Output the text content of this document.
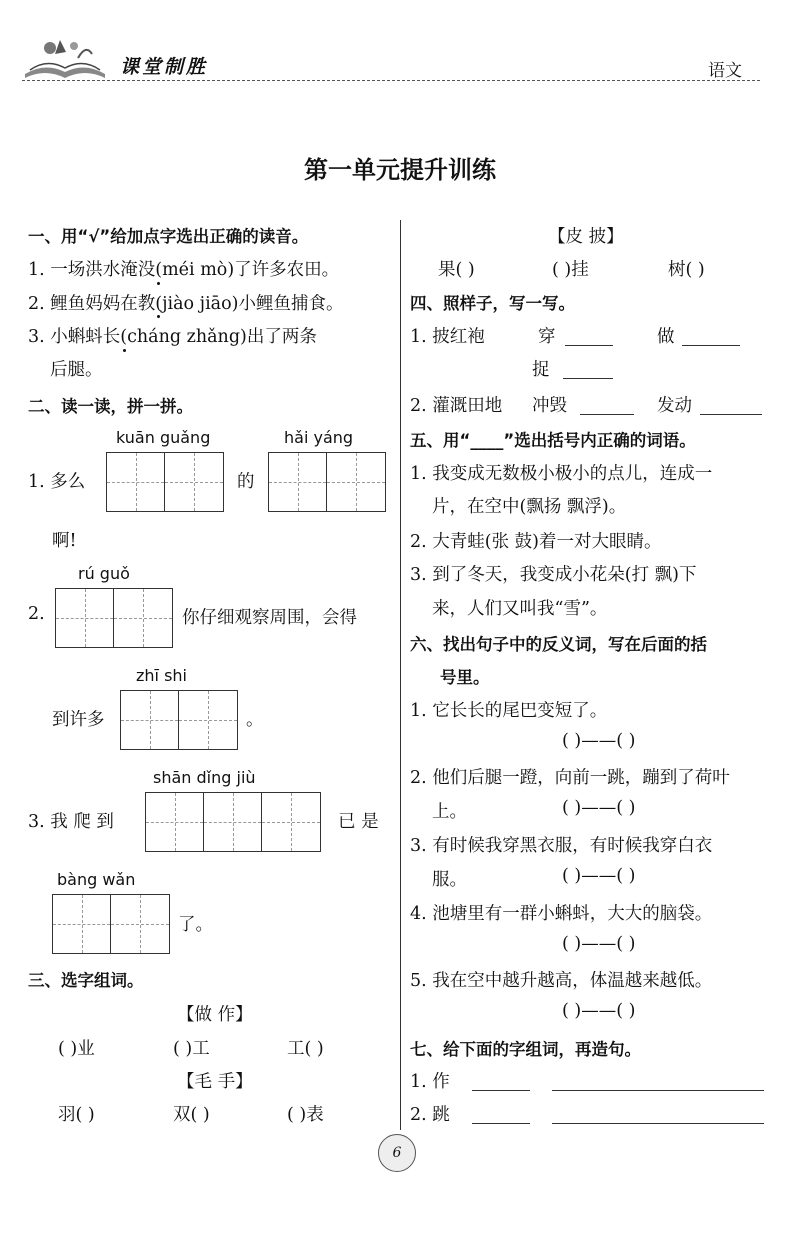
课堂制胜	语文
第一单元提升训练
一、用“√”给加点字选出正确的读音。
1. 一场洪水淹没(méi mò)了许多农田。
2. 鲤鱼妈妈在教(jiào jiāo)小鲤鱼捕食。
3. 小蝌蚪长(cháng zhǎng)出了两条
后腿。
二、读一读，拼一拼。
kuān guǎng	hǎi yáng
1. 多么	的
啊!
rú guǒ
2.	你仔细观察周围，会得
zhī shi
到许多	。
shān dǐng jiù
3. 我 爬 到	已 是
bàng wǎn
了。
三、选字组词。
【做 作】
( )业	( )工	工( )
【毛 手】
羽( )	双( )	( )表
【皮 披】
果( )	( )挂	树( )
四、照样子，写一写。
1. 披红袍	穿	做
捉
2. 灌溉田地 冲毁	发动
五、用“____”选出括号内正确的词语。
1. 我变成无数极小极小的点儿，连成一
片，在空中(飘扬 飘浮)。
2. 大青蛙(张 鼓)着一对大眼睛。
3. 到了冬天，我变成小花朵(打 飘)下
来，人们又叫我“雪”。
六、找出句子中的反义词，写在后面的括
号里。
1. 它长长的尾巴变短了。
( )——( )
2. 他们后腿一蹬，向前一跳，蹦到了荷叶
上。	( )——( )
3. 有时候我穿黑衣服，有时候我穿白衣
服。	( )——( )
4. 池塘里有一群小蝌蚪，大大的脑袋。
( )——( )
5. 我在空中越升越高，体温越来越低。
( )——( )
七、给下面的字组词，再造句。
1. 作
2. 跳
6
